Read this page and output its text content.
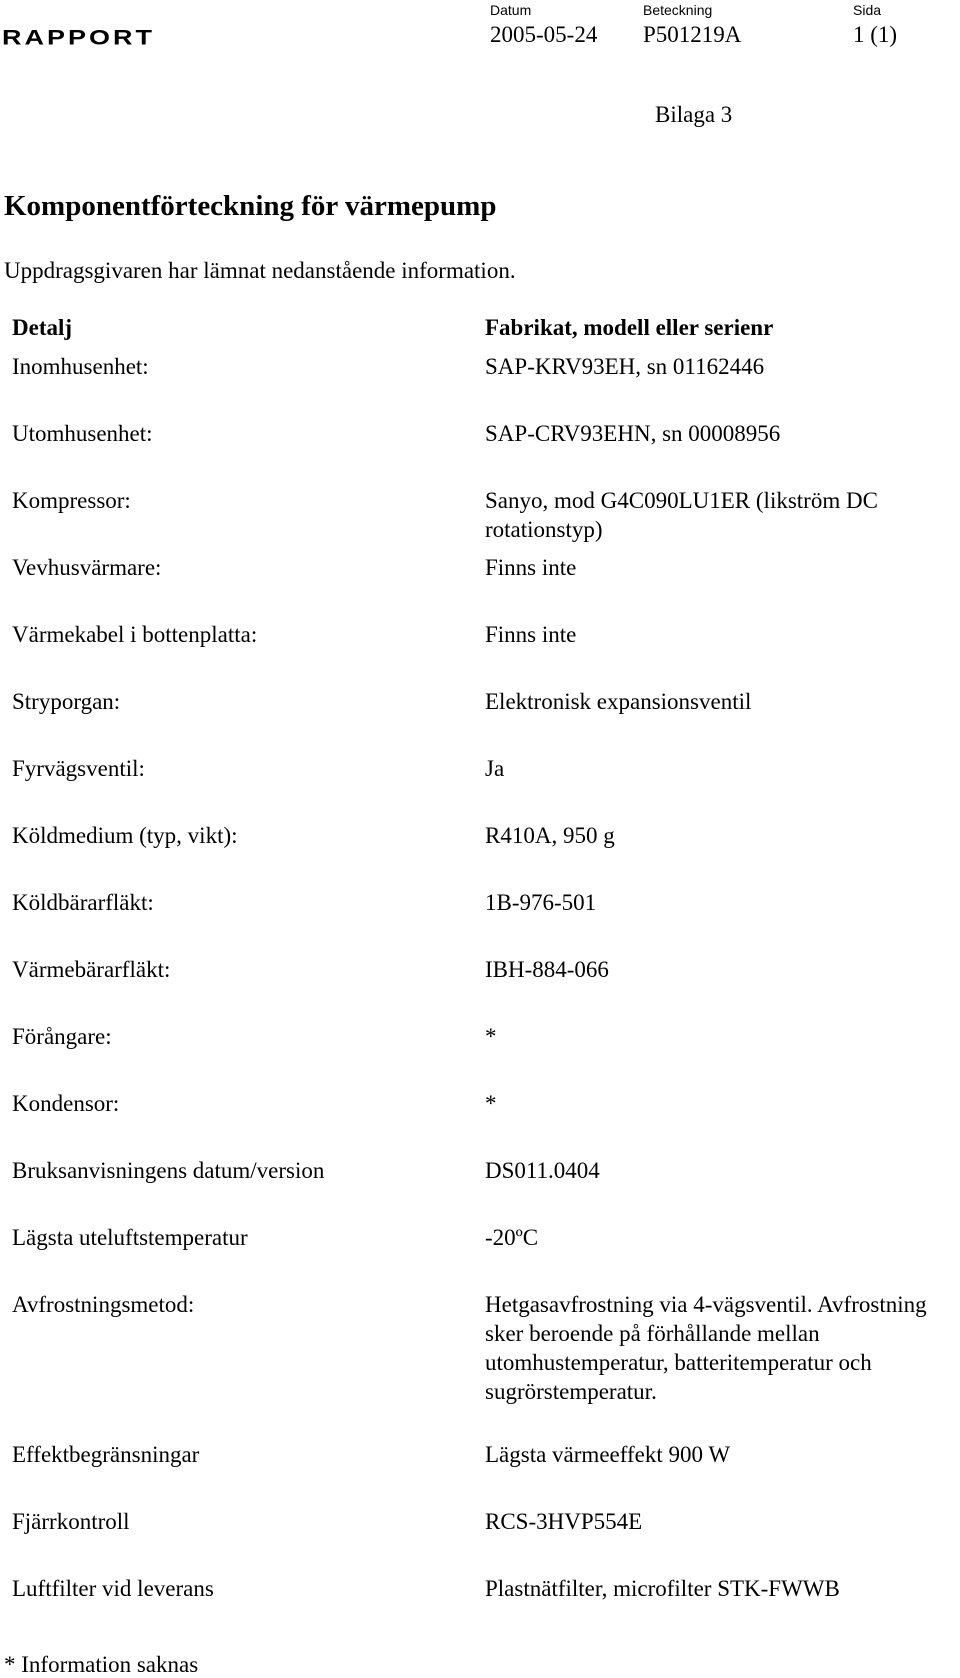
RAPPORT
Datum
2005-05-24
Beteckning
P501219A
Sida
1 (1)
Bilaga 3
Komponentförteckning för värmepump
Uppdragsgivaren har lämnat nedanstående information.
Detalj	Fabrikat, modell eller serienr
Inomhusenhet:	SAP-KRV93EH, sn 01162446
Utomhusenhet:	SAP-CRV93EHN, sn 00008956
Kompressor:	Sanyo, mod G4C090LU1ER (likström DC rotationstyp)
Vevhusvärmare:	Finns inte
Värmekabel i bottenplatta:	Finns inte
Stryporgan:	Elektronisk expansionsventil
Fyrvägsventil:	Ja
Köldmedium (typ, vikt):	R410A, 950 g
Köldbärarfläkt:	1B-976-501
Värmebärarfläkt:	IBH-884-066
Förångare:	*
Kondensor:	*
Bruksanvisningens datum/version	DS011.0404
Lägsta uteluftstemperatur	-20ºC
Avfrostningsmetod:	Hetgasavfrostning via 4-vägsventil. Avfrostning sker beroende på förhållande mellan utomhustemperatur, batteritemperatur och sugrörstemperatur.
Effektbegränsningar	Lägsta värmeeffekt 900 W
Fjärrkontroll	RCS-3HVP554E
Luftfilter vid leverans	Plastnätfilter, microfilter STK-FWWB
* Information saknas
